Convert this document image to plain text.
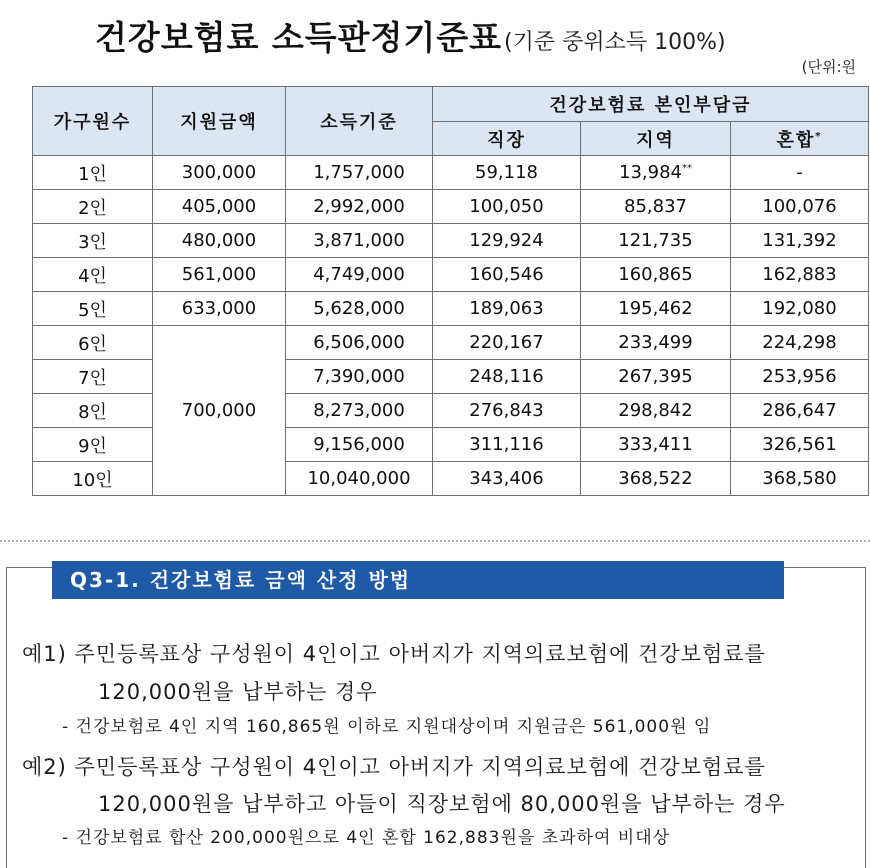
건강보험료 소득판정기준표(기준 중위소득 100%)
(단위:원
가구원수	지원금액	소득기준	건강보험료 본인부담금		
			직장	지역	혼합*
1인	300,000	1,757,000	59,118	13,984**	-
2인	405,000	2,992,000	100,050	85,837	100,076
3인	480,000	3,871,000	129,924	121,735	131,392
4인	561,000	4,749,000	160,546	160,865	162,883
5인	633,000	5,628,000	189,063	195,462	192,080
6인	700,000	6,506,000	220,167	233,499	224,298
7인		7,390,000	248,116	267,395	253,956
8인		8,273,000	276,843	298,842	286,647
9인		9,156,000	311,116	333,411	326,561
10인		10,040,000	343,406	368,522	368,580
Q3-1. 건강보험료 금액 산정 방법
예1) 주민등록표상 구성원이 4인이고 아버지가 지역의료보험에 건강보험료를
120,000원을 납부하는 경우
- 건강보험로 4인 지역 160,865원 이하로 지원대상이며 지원금은 561,000원 임
예2) 주민등록표상 구성원이 4인이고 아버지가 지역의료보험에 건강보험료를
120,000원을 납부하고 아들이 직장보험에 80,000원을 납부하는 경우
- 건강보험료 합산 200,000원으로 4인 혼합 162,883원을 초과하여 비대상
